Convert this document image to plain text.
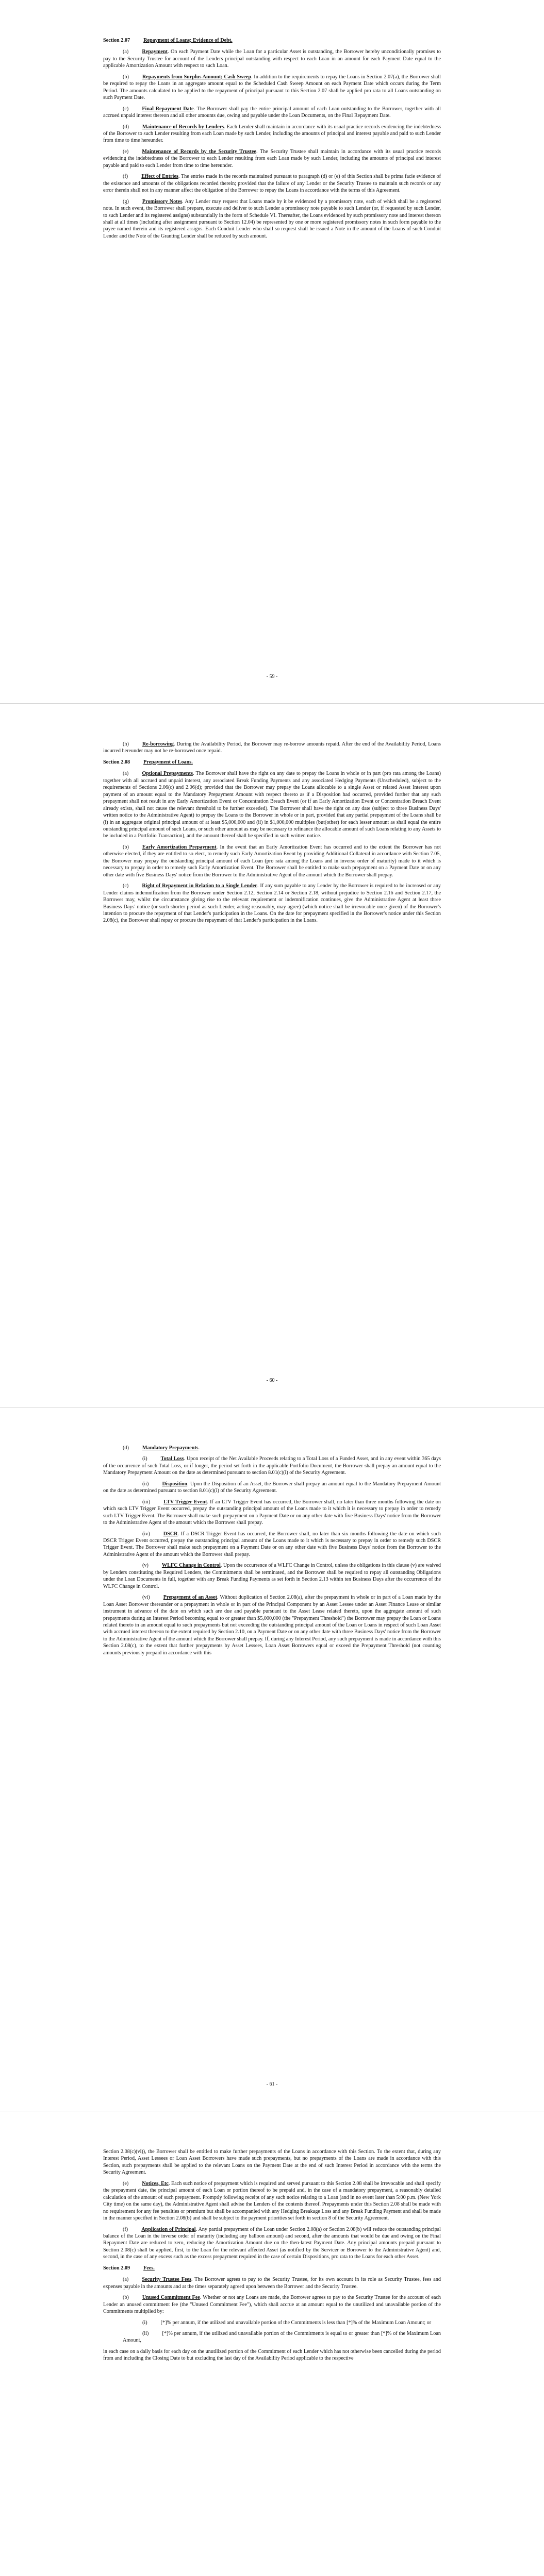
Section 2.07	Repayment of Loans; Evidence of Debt.

(a)	Repayment. On each Payment Date while the Loan for a particular Asset is outstanding, the Borrower hereby unconditionally promises to pay to the Security Trustee for account of the Lenders principal outstanding with respect to each Loan in an amount for each Payment Date equal to the applicable Amortization Amount with respect to such Loan.

(b)	Repayments from Surplus Amount; Cash Sweep. In addition to the requirements to repay the Loans in Section 2.07(a), the Borrower shall be required to repay the Loans in an aggregate amount equal to the Scheduled Cash Sweep Amount on each Payment Date which occurs during the Term Period. The amounts calculated to be applied to the repayment of principal pursuant to this Section 2.07 shall be applied pro rata to all Loans outstanding on such Payment Date.

(c)	Final Repayment Date. The Borrower shall pay the entire principal amount of each Loan outstanding to the Borrower, together with all accrued unpaid interest thereon and all other amounts due, owing and payable under the Loan Documents, on the Final Repayment Date.

(d)	Maintenance of Records by Lenders. Each Lender shall maintain in accordance with its usual practice records evidencing the indebtedness of the Borrower to such Lender resulting from each Loan made by such Lender, including the amounts of principal and interest payable and paid to such Lender from time to time hereunder.

(e)	Maintenance of Records by the Security Trustee. The Security Trustee shall maintain in accordance with its usual practice records evidencing the indebtedness of the Borrower to each Lender resulting from each Loan made by such Lender, including the amounts of principal and interest payable and paid to each Lender from time to time hereunder.

(f)	Effect of Entries. The entries made in the records maintained pursuant to paragraph (d) or (e) of this Section shall be prima facie evidence of the existence and amounts of the obligations recorded therein; provided that the failure of any Lender or the Security Trustee to maintain such records or any error therein shall not in any manner affect the obligation of the Borrower to repay the Loans in accordance with the terms of this Agreement.

(g)	Promissory Notes. Any Lender may request that Loans made by it be evidenced by a promissory note, each of which shall be a registered note. In such event, the Borrower shall prepare, execute and deliver to such Lender a promissory note payable to such Lender (or, if requested by such Lender, to such Lender and its registered assigns) substantially in the form of Schedule VI. Thereafter, the Loans evidenced by such promissory note and interest thereon shall at all times (including after assignment pursuant to Section 12.04) be represented by one or more registered promissory notes in such form payable to the payee named therein and its registered assigns. Each Conduit Lender who shall so request shall be issued a Note in the amount of the Loans of such Conduit Lender and the Note of the Granting Lender shall be reduced by such amount.

- 59 -

(h)	Re-borrowing. During the Availability Period, the Borrower may re-borrow amounts repaid. After the end of the Availability Period, Loans incurred hereunder may not be re-borrowed once repaid.

Section 2.08	Prepayment of Loans.

(a)	Optional Prepayments. The Borrower shall have the right on any date to prepay the Loans in whole or in part (pro rata among the Loans) together with all accrued and unpaid interest, any associated Break Funding Payments and any associated Hedging Payments (Unscheduled), subject to the requirements of Sections 2.06(c) and 2.06(d); provided that the Borrower may prepay the Loans allocable to a single Asset or related Asset Interest upon payment of an amount equal to the Mandatory Prepayment Amount with respect thereto as if a Disposition had occurred, provided further that any such prepayment shall not result in any Early Amortization Event or Concentration Breach Event (or if an Early Amortization Event or Concentration Breach Event already exists, shall not cause the relevant threshold to be further exceeded). The Borrower shall have the right on any date (subject to three Business Days' written notice to the Administrative Agent) to prepay the Loans to the Borrower in whole or in part, provided that any partial prepayment of the Loans shall be (i) in an aggregate original principal amount of at least $5,000,000 and (ii) in $1,000,000 multiples (but(other) for each lesser amount as shall equal the entire outstanding principal amount of such Loans, or such other amount as may be necessary to refinance the allocable amount of such Loans relating to any Assets to be included in a Portfolio Transaction), and the amount thereof shall be specified in such written notice.

(b)	Early Amortization Prepayment. In the event that an Early Amortization Event has occurred and to the extent the Borrower has not otherwise elected, if they are entitled to so elect, to remedy such Early Amortization Event by providing Additional Collateral in accordance with Section 7.05, the Borrower may prepay the outstanding principal amount of each Loan (pro rata among the Loans and in inverse order of maturity) made to it which is necessary to prepay in order to remedy such Early Amortization Event. The Borrower shall be entitled to make such prepayment on a Payment Date or on any other date with five Business Days' notice from the Borrower to the Administrative Agent of the amount which the Borrower shall prepay.

(c)	Right of Repayment in Relation to a Single Lender. If any sum payable to any Lender by the Borrower is required to be increased or any Lender claims indemnification from the Borrower under Section 2.12, Section 2.14 or Section 2.18, without prejudice to Section 2.16 and Section 2.17, the Borrower may, whilst the circumstance giving rise to the relevant requirement or indemnification continues, give the Administrative Agent at least three Business Days' notice (or such shorter period as such Lender, acting reasonably, may agree) (which notice shall be irrevocable once given) of the Borrower's intention to procure the repayment of that Lender's participation in the Loans. On the date for prepayment specified in the Borrower's notice under this Section 2.08(c), the Borrower shall repay or procure the repayment of that Lender's participation in the Loans.

- 60 -

(d)	Mandatory Prepayments.

(i)	Total Loss. Upon receipt of the Net Available Proceeds relating to a Total Loss of a Funded Asset, and in any event within 365 days of the occurrence of such Total Loss, or if longer, the period set forth in the applicable Portfolio Document, the Borrower shall prepay an amount equal to the Mandatory Prepayment Amount on the date as determined pursuant to section 8.01(c)(i) of the Security Agreement.

(ii)	Disposition. Upon the Disposition of an Asset, the Borrower shall prepay an amount equal to the Mandatory Prepayment Amount on the date as determined pursuant to section 8.01(c)(i) of the Security Agreement.

(iii)	LTV Trigger Event. If an LTV Trigger Event has occurred, the Borrower shall, no later than three months following the date on which such LTV Trigger Event occurred, prepay the outstanding principal amount of the Loans made to it which it is necessary to prepay in order to remedy such LTV Trigger Event. The Borrower shall make such prepayment on a Payment Date or on any other date with five Business Days' notice from the Borrower to the Administrative Agent of the amount which the Borrower shall prepay.

(iv)	DSCR. If a DSCR Trigger Event has occurred, the Borrower shall, no later than six months following the date on which such DSCR Trigger Event occurred, prepay the outstanding principal amount of the Loans made to it which is necessary to prepay in order to remedy such DSCR Trigger Event. The Borrower shall make such prepayment on a Payment Date or on any other date with five Business Days' notice from the Borrower to the Administrative Agent of the amount which the Borrower shall prepay.

(v)	WLFC Change in Control. Upon the occurrence of a WLFC Change in Control, unless the obligations in this clause (v) are waived by Lenders constituting the Required Lenders, the Commitments shall be terminated, and the Borrower shall be required to repay all outstanding Obligations under the Loan Documents in full, together with any Break Funding Payments as set forth in Section 2.13 within ten Business Days after the occurrence of the WLFC Change in Control.

(vi)	Prepayment of an Asset. Without duplication of Section 2.08(a), after the prepayment in whole or in part of a Loan made by the Loan Asset Borrower thereunder or a prepayment in whole or in part of the Principal Component by an Asset Lessee under an Asset Finance Lease or similar instrument in advance of the date on which such are due and payable pursuant to the Asset Lease related thereto, upon the aggregate amount of such prepayments during an Interest Period becoming equal to or greater than $5,000,000 (the "Prepayment Threshold") the Borrower may prepay the Loan or Loans related thereto in an amount equal to such prepayments but not exceeding the outstanding principal amount of the Loan or Loans in respect of such Loan Asset with accrued interest thereon to the extent required by Section 2.10, on a Payment Date or on any other date with three Business Days' notice from the Borrower to the Administrative Agent of the amount which the Borrower shall prepay. If, during any Interest Period, any such prepayment is made in accordance with this Section 2.08(c), to the extent that further prepayments by Asset Lessees, Loan Asset Borrowers equal or exceed the Prepayment Threshold (not counting amounts previously prepaid in accordance with this

- 61 -

Section 2.08(c)(vi)), the Borrower shall be entitled to make further prepayments of the Loans in accordance with this Section. To the extent that, during any Interest Period, Asset Lessees or Loan Asset Borrowers have made such prepayments, but no prepayments of the Loans are made in accordance with this Section, such prepayments shall be applied to the relevant Loans on the Payment Date at the end of such Interest Period in accordance with the terms the Security Agreement.

(e)	Notices, Etc. Each such notice of prepayment which is required and served pursuant to this Section 2.08 shall be irrevocable and shall specify the prepayment date, the principal amount of each Loan or portion thereof to be prepaid and, in the case of a mandatory prepayment, a reasonably detailed calculation of the amount of such prepayment. Promptly following receipt of any such notice relating to a Loan (and in no event later than 5:00 p.m. (New York City time) on the same day), the Administrative Agent shall advise the Lenders of the contents thereof. Prepayments under this Section 2.08 shall be made with no requirement for any fee penalties or premium but shall be accompanied with any Hedging Breakage Loss and any Break Funding Payment and shall be made in the manner specified in Section 2.08(b) and shall be subject to the payment priorities set forth in section 8 of the Security Agreement.

(f)	Application of Principal. Any partial prepayment of the Loan under Section 2.08(a) or Section 2.08(b) will reduce the outstanding principal balance of the Loan in the inverse order of maturity (including any balloon amount) and second, after the amounts that would be due and owing on the Final Repayment Date are reduced to zero, reducing the Amortization Amount due on the then-latest Payment Date. Any principal amounts prepaid pursuant to Section 2.08(c) shall be applied, first, to the Loan for the relevant affected Asset (as notified by the Servicer or Borrower to the Administrative Agent) and, second, in the case of any excess such as the excess prepayment required in the case of certain Dispositions, pro rata to the Loans for each other Asset.

Section 2.09	Fees.

(a)	Security Trustee Fees. The Borrower agrees to pay to the Security Trustee, for its own account in its role as Security Trustee, fees and expenses payable in the amounts and at the times separately agreed upon between the Borrower and the Security Trustee.

(b)	Unused Commitment Fee. Whether or not any Loans are made, the Borrower agrees to pay to the Security Trustee for the account of each Lender an unused commitment fee (the "Unused Commitment Fee"), which shall accrue at an amount equal to the unutilized and unavailable portion of the Commitments multiplied by:

(i)	[*]% per annum, if the utilized and unavailable portion of the Commitments is less than [*]% of the Maximum Loan Amount; or

(ii)	[*]% per annum, if the utilized and unavailable portion of the Commitments is equal to or greater than [*]% of the Maximum Loan Amount,

in each case on a daily basis for each day on the unutilized portion of the Commitment of each Lender which has not otherwise been cancelled during the period from and including the Closing Date to but excluding the last day of the Availability Period applicable to the respective
